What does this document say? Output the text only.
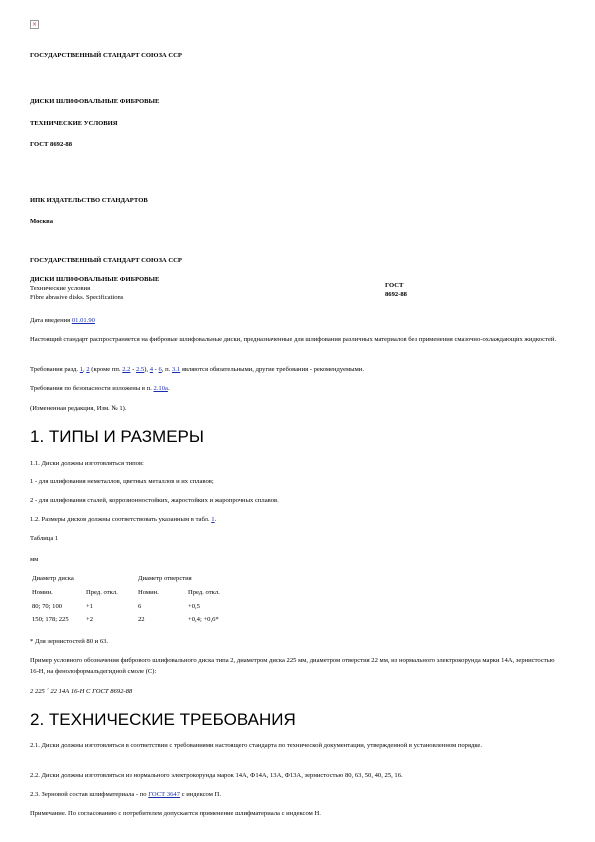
×
ГОСУДАРСТВЕННЫЙ СТАНДАРТ СОЮЗА ССР
ДИСКИ ШЛИФОВАЛЬНЫЕ ФИБРОВЫЕ
ТЕХНИЧЕСКИЕ УСЛОВИЯ
ГОСТ 8692-88
ИПК ИЗДАТЕЛЬСТВО СТАНДАРТОВ
Москва
ГОСУДАРСТВЕННЫЙ СТАНДАРТ СОЮЗА ССР
ДИСКИ ШЛИФОВАЛЬНЫЕ ФИБРОВЫЕ
Технические условия
Fibre abrasive disks. Specifications
ГОСТ
8692-88
Дата введения 01.01.90
Настоящий стандарт распространяется на фибровые шлифовальные диски, предназначенные для шлифования различных материалов без применения смазочно-охлаждающих жидкостей.
Требования разд. 1, 2 (кроме пп. 2.2 - 2.5), 4 - 6, п. 3.1 являются обязательными, другие требования - рекомендуемыми.
Требования по безопасности изложены в п. 2.10а.
(Измененная редакция, Изм. № 1).
1. ТИПЫ И РАЗМЕРЫ
1.1. Диски должны изготовляться типов:
1 - для шлифования неметаллов, цветных металлов и их сплавов;
2 - для шлифования сталей, коррозионностойких, жаростойких и жаропрочных сплавов.
1.2. Размеры дисков должны соответствовать указанным в табл. 1.
Таблица 1
мм
Диаметр диска	Диаметр отверстия
Номин.	Пред. откл.	Номин.	Пред. откл.
80; 70; 100	+1	6	+0,5
150; 178; 225	+2	22	+0,4; +0,6*
* Для зернистостей 80 и 63.
Пример условного обозначения фибрового шлифовального диска типа 2, диаметром диска 225 мм, диаметром отверстия 22 мм, из нормального электрокорунда марки 14А, зернистостью 16-Н, на фенолоформальдегидной смоле (С):
2 225 ´ 22 14А 16-Н С ГОСТ 8692-88
2. ТЕХНИЧЕСКИЕ ТРЕБОВАНИЯ
2.1. Диски должны изготовляться в соответствии с требованиями настоящего стандарта по технической документации, утвержденной в установленном порядке.
2.2. Диски должны изготовляться из нормального электрокорунда марок 14А, Ф14А, 13А, Ф13А, зернистостью 80, 63, 50, 40, 25, 16.
2.3. Зерновой состав шлифматериала - по ГОСТ 3647 с индексом П.
Примечание. По согласованию с потребителем допускается применение шлифматериала с индексом Н.
